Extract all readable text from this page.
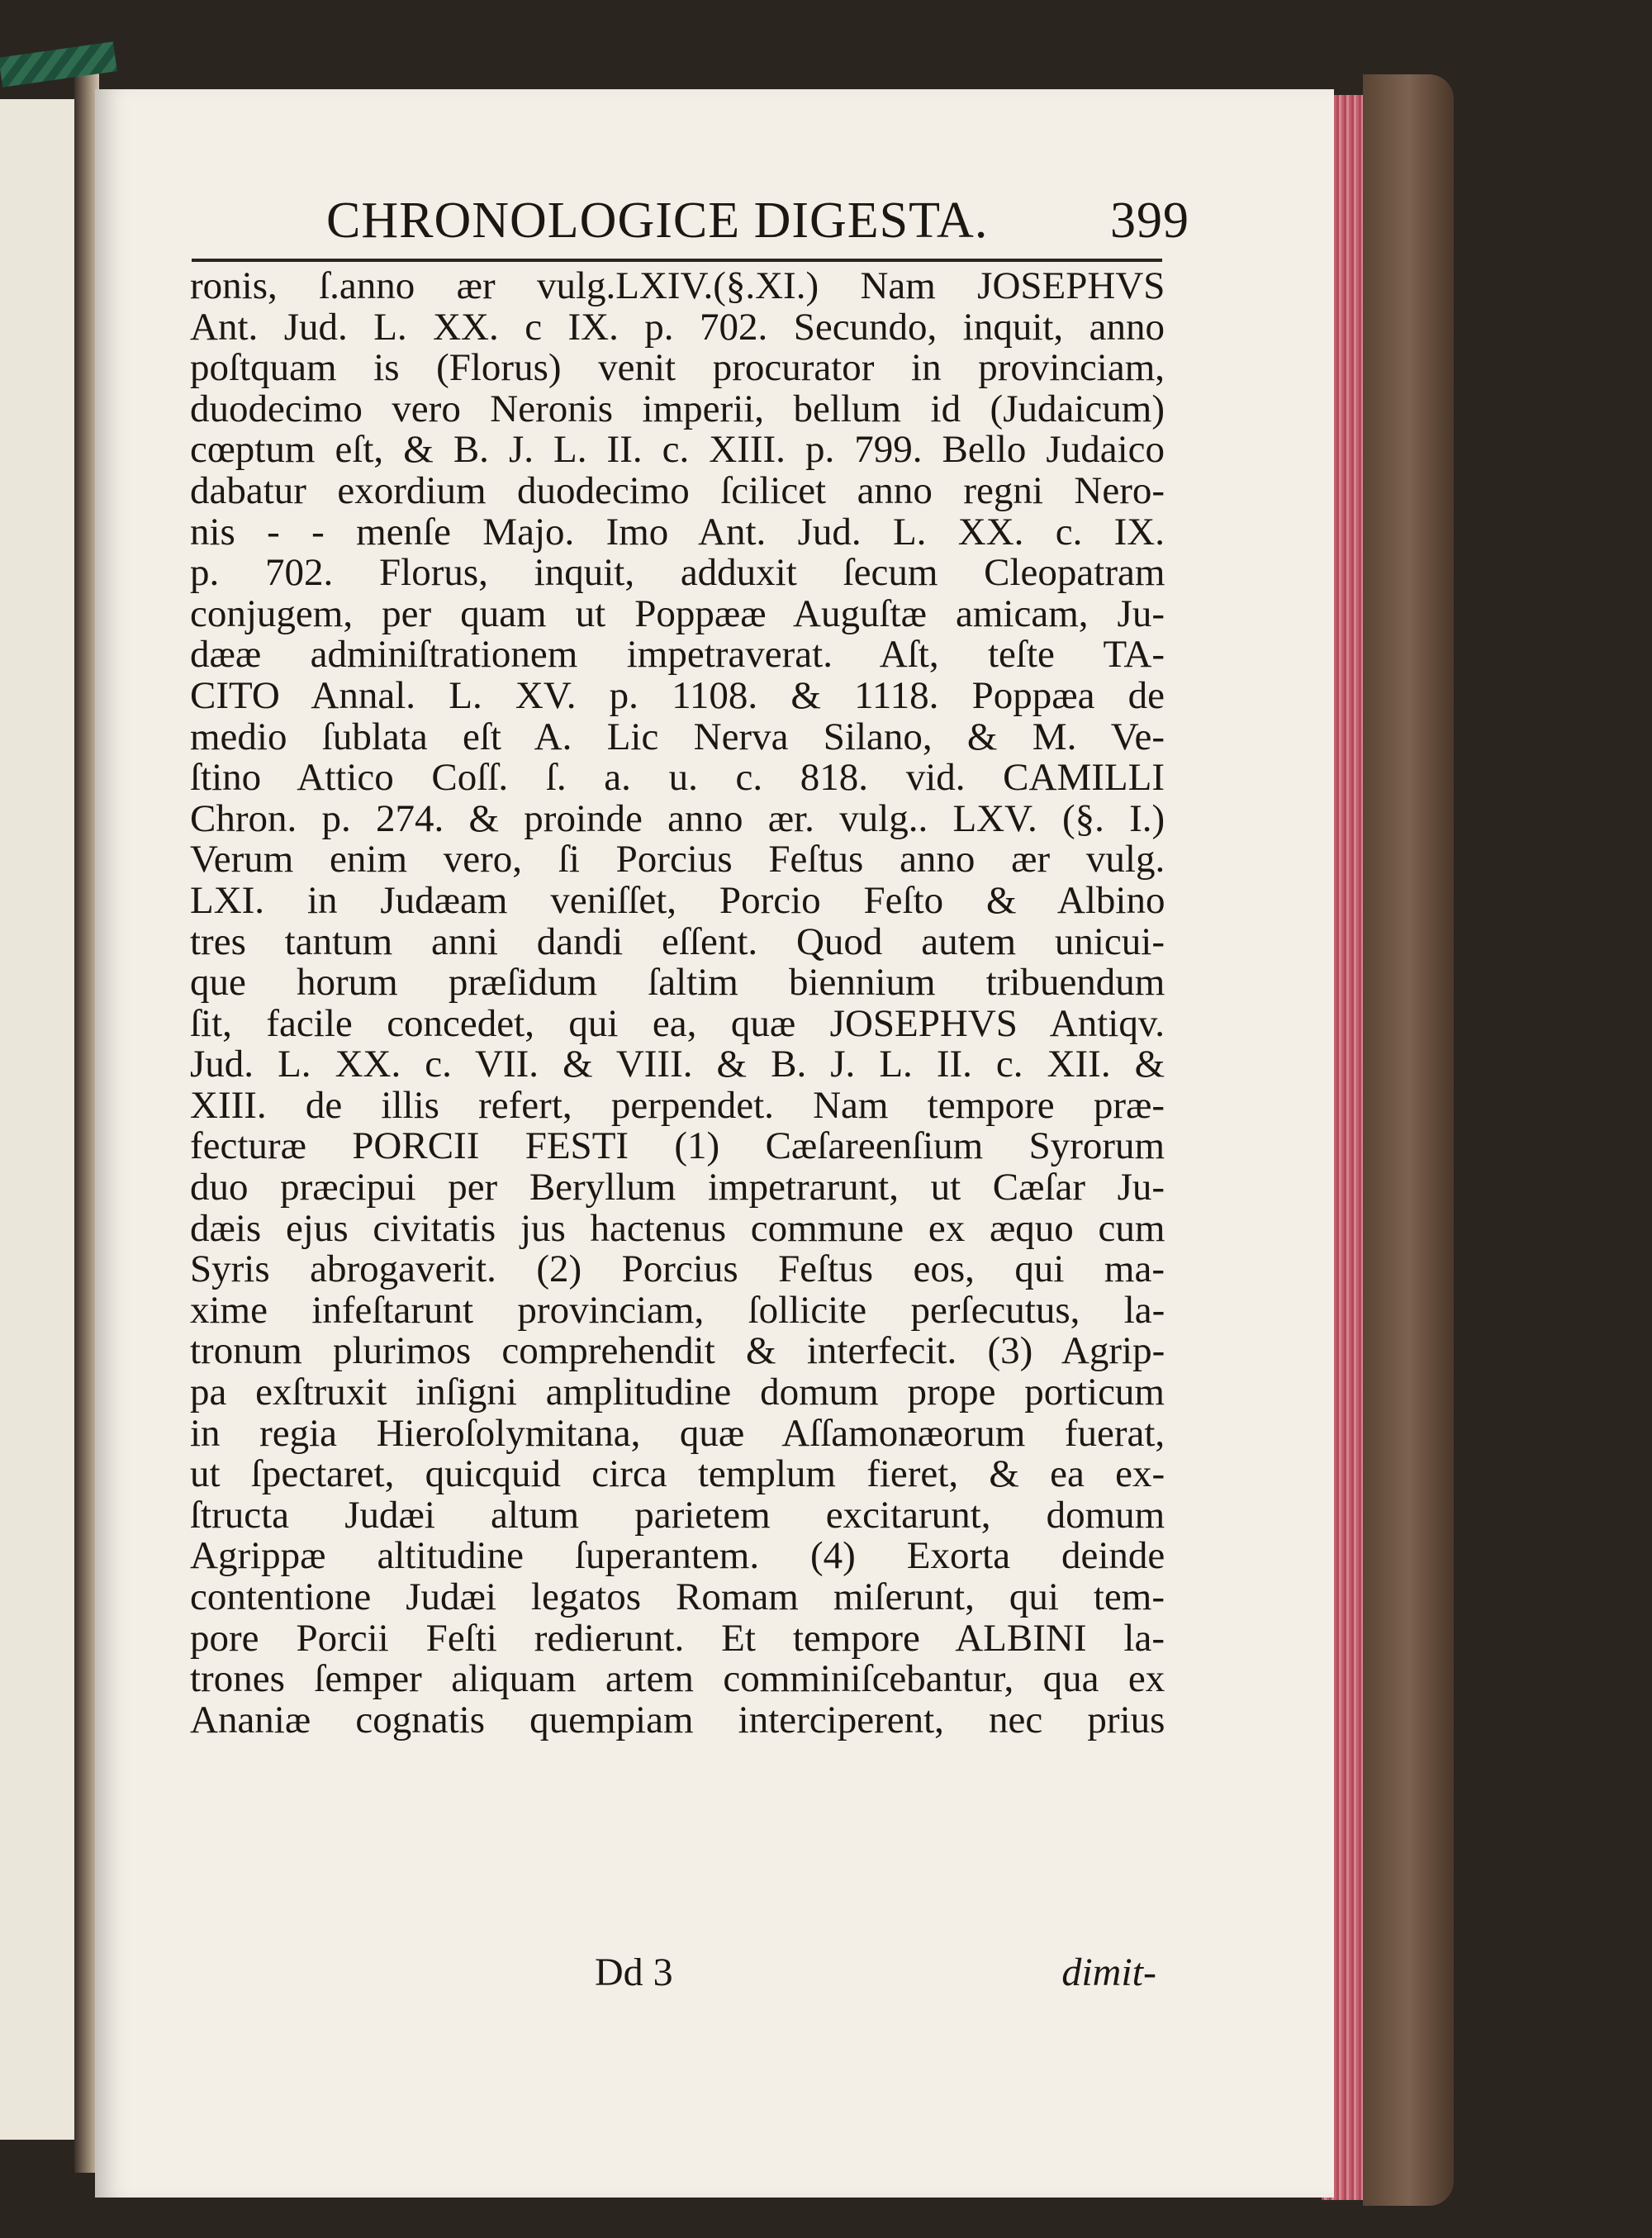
CHRONOLOGICE DIGESTA. 399
ronis, ſ.anno ær vulg.LXIV.(§.XI.) Nam JOSEPHVS
Ant. Jud. L. XX. c IX. p. 702. Secundo, inquit, anno
poſtquam is (Florus) venit procurator in provinciam,
duodecimo vero Neronis imperii, bellum id (Judaicum)
cœptum eſt, & B. J. L. II. c. XIII. p. 799. Bello Judaico
dabatur exordium duodecimo ſcilicet anno regni Nero-
nis - - menſe Majo. Imo Ant. Jud. L. XX. c. IX.
p. 702. Florus, inquit, adduxit ſecum Cleopatram
conjugem, per quam ut Poppææ Auguſtæ amicam, Ju-
dææ adminiſtrationem impetraverat. Aſt, teſte TA-
CITO Annal. L. XV. p. 1108. & 1118. Poppæa de
medio ſublata eſt A. Lic Nerva Silano, & M. Ve-
ſtino Attico Coſſ. ſ. a. u. c. 818. vid. CAMILLI
Chron. p. 274. & proinde anno ær. vulg.. LXV. (§. I.)
Verum enim vero, ſi Porcius Feſtus anno ær vulg.
LXI. in Judæam veniſſet, Porcio Feſto & Albino
tres tantum anni dandi eſſent. Quod autem unicui-
que horum præſidum ſaltim biennium tribuendum
ſit, facile concedet, qui ea, quæ JOSEPHVS Antiqv.
Jud. L. XX. c. VII. & VIII. & B. J. L. II. c. XII. &
XIII. de illis refert, perpendet. Nam tempore præ-
fecturæ PORCII FESTI (1) Cæſareenſium Syrorum
duo præcipui per Beryllum impetrarunt, ut Cæſar Ju-
dæis ejus civitatis jus hactenus commune ex æquo cum
Syris abrogaverit. (2) Porcius Feſtus eos, qui ma-
xime infeſtarunt provinciam, ſollicite perſecutus, la-
tronum plurimos comprehendit & interfecit. (3) Agrip-
pa exſtruxit inſigni amplitudine domum prope porticum
in regia Hieroſolymitana, quæ Aſſamonæorum fuerat,
ut ſpectaret, quicquid circa templum fieret, & ea ex-
ſtructa Judæi altum parietem excitarunt, domum
Agrippæ altitudine ſuperantem. (4) Exorta deinde
contentione Judæi legatos Romam miſerunt, qui tem-
pore Porcii Feſti redierunt. Et tempore ALBINI la-
trones ſemper aliquam artem comminiſcebantur, qua ex
Ananiæ cognatis quempiam interciperent, nec prius
Dd 3	dimit-
